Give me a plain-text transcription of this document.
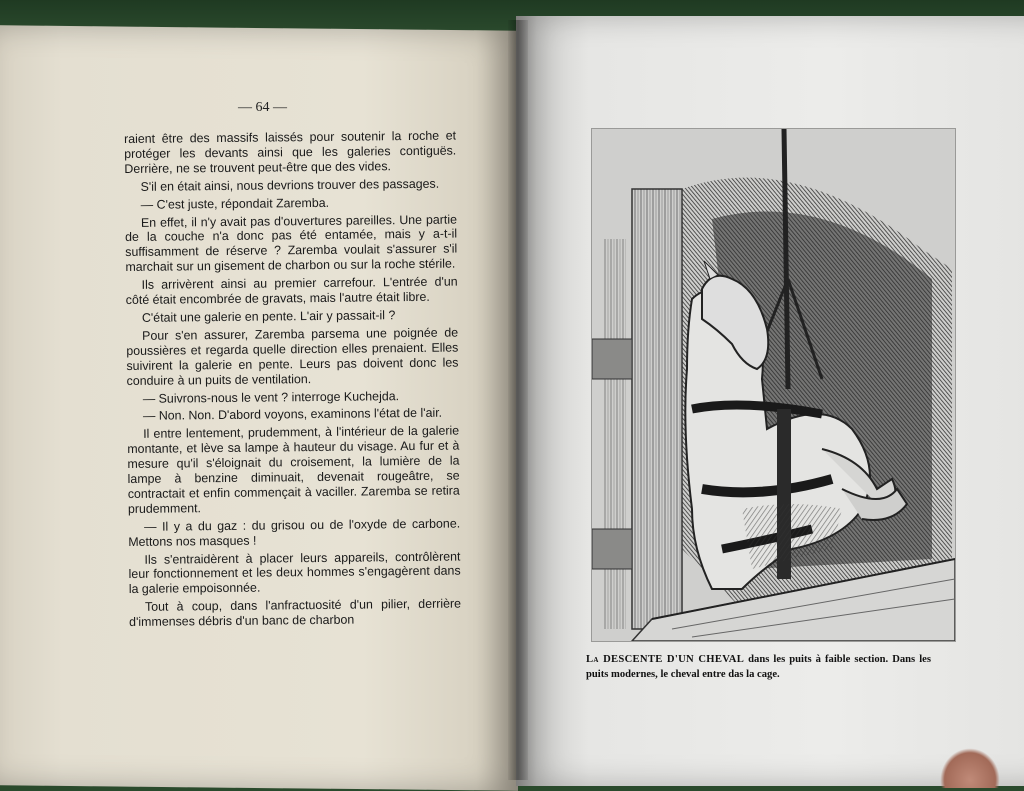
— 64 —

raient être des massifs laissés pour soutenir la roche et protéger les devants ainsi que les galeries contiguës. Derrière, ne se trouvent peut-être que des vides.

S'il en était ainsi, nous devrions trouver des passages.

— C'est juste, répondait Zaremba.

En effet, il n'y avait pas d'ouvertures pareilles. Une partie de la couche n'a donc pas été entamée, mais y a-t-il suffisamment de réserve ? Zaremba voulait s'assurer s'il marchait sur un gisement de charbon ou sur la roche stérile.

Ils arrivèrent ainsi au premier carrefour. L'entrée d'un côté était encombrée de gravats, mais l'autre était libre.

C'était une galerie en pente. L'air y passait-il ?

Pour s'en assurer, Zaremba parsema une poignée de poussières et regarda quelle direction elles prenaient. Elles suivirent la galerie en pente. Leurs pas doivent donc les conduire à un puits de ventilation.

— Suivrons-nous le vent ? interroge Kuchejda.

— Non. Non. D'abord voyons, examinons l'état de l'air.

Il entre lentement, prudemment, à l'intérieur de la galerie montante, et lève sa lampe à hauteur du visage. Au fur et à mesure qu'il s'éloignait du croisement, la lumière de la lampe à benzine diminuait, devenait rougeâtre, se contractait et enfin commençait à vaciller. Zaremba se retira prudemment.

— Il y a du gaz : du grisou ou de l'oxyde de carbone. Mettons nos masques !

Ils s'entraidèrent à placer leurs appareils, contrôlèrent leur fonctionnement et les deux hommes s'engagèrent dans la galerie empoisonnée.

Tout à coup, dans l'anfractuosité d'un pilier, derrière d'immenses débris d'un banc de charbon

La DESCENTE D'UN CHEVAL dans les puits à faible section. Dans les puits modernes, le cheval entre das la cage.
